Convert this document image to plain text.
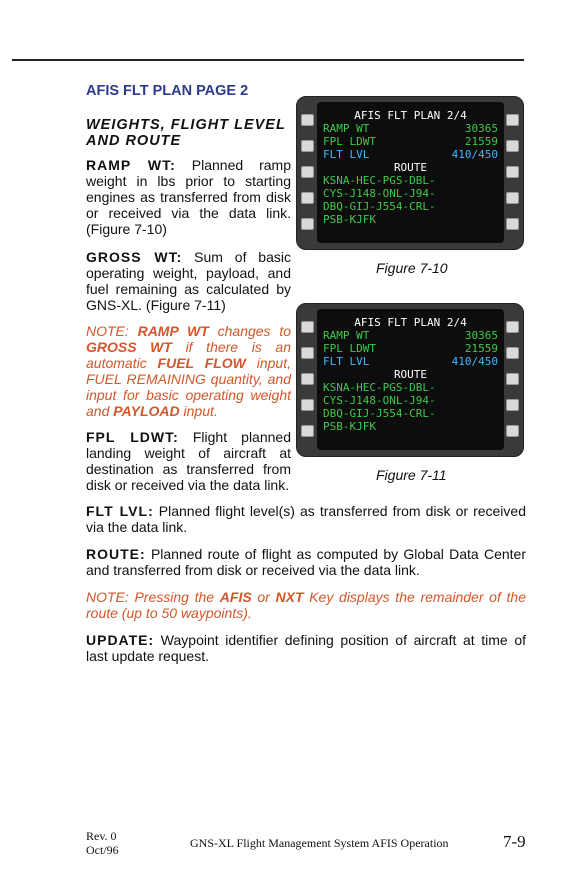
AFIS FLT PLAN PAGE 2
WEIGHTS, FLIGHT LEVEL AND ROUTE

RAMP WT: Planned ramp weight in lbs prior to starting engines as transferred from disk or received via the data link. (Figure 7-10)

GROSS WT: Sum of basic operating weight, payload, and fuel remaining as calculated by GNS-XL. (Figure 7-11)

NOTE: RAMP WT changes to GROSS WT if there is an automatic FUEL FLOW input, FUEL REMAINING quantity, and input for basic operating weight and PAYLOAD input.

FPL LDWT: Flight planned landing weight of aircraft at destination as transferred from disk or received via the data link.

FLT LVL: Planned flight level(s) as transferred from disk or received via the data link.

ROUTE: Planned route of flight as computed by Global Data Center and transferred from disk or received via the data link.

NOTE: Pressing the AFIS or NXT Key displays the remainder of the route (up to 50 waypoints).

UPDATE: Waypoint identifier defining position of aircraft at time of last update request.

AFIS FLT PLAN 2/4
RAMP WT	30365
FPL LDWT	21559
FLT LVL	410/450
ROUTE
KSNA-HEC-PGS-DBL-
CYS-J148-ONL-J94-
DBQ-GIJ-J554-CRL-
PSB-KJFK
Figure 7-10
AFIS FLT PLAN 2/4
RAMP WT	30365
FPL LDWT	21559
FLT LVL	410/450
ROUTE
KSNA-HEC-PGS-DBL-
CYS-J148-ONL-J94-
DBQ-GIJ-J554-CRL-
PSB-KJFK
Figure 7-11
Rev. 0
Oct/96	GNS-XL Flight Management System AFIS Operation	7-9
